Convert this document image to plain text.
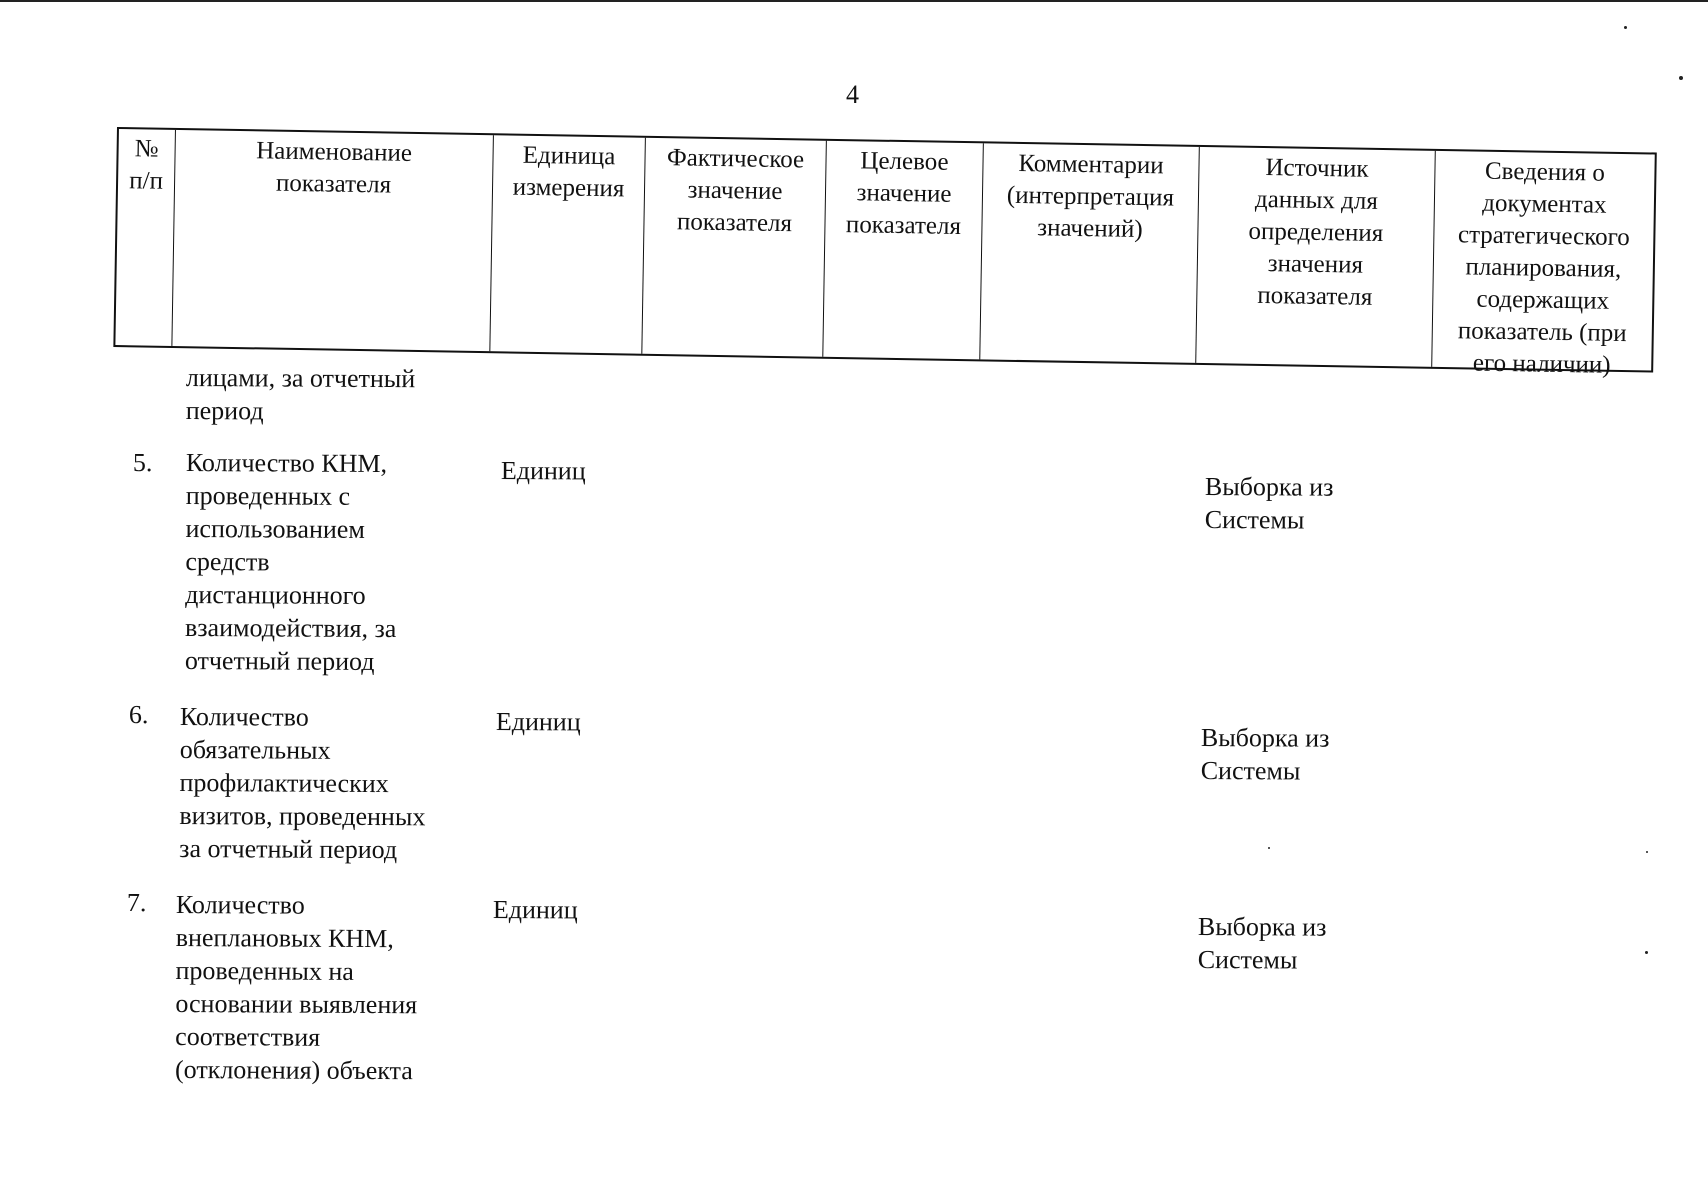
4
№
п/п
Наименование
показателя
Единица
измерения
Фактическое
значение
показателя
Целевое
значение
показателя
Комментарии
(интерпретация
значений)
Источник
данных для
определения
значения
показателя
Сведения о
документах
стратегического
планирования,
содержащих
показатель (при
его наличии)
лицами, за отчетный
период
5. Количество КНМ,
проведенных с
использованием
средств
дистанционного
взаимодействия, за
отчетный период
Единиц
Выборка из
Системы
6. Количество
обязательных
профилактических
визитов, проведенных
за отчетный период
Единиц
Выборка из
Системы
7. Количество
внеплановых КНМ,
проведенных на
основании выявления
соответствия
(отклонения) объекта
Единиц
Выборка из
Системы
